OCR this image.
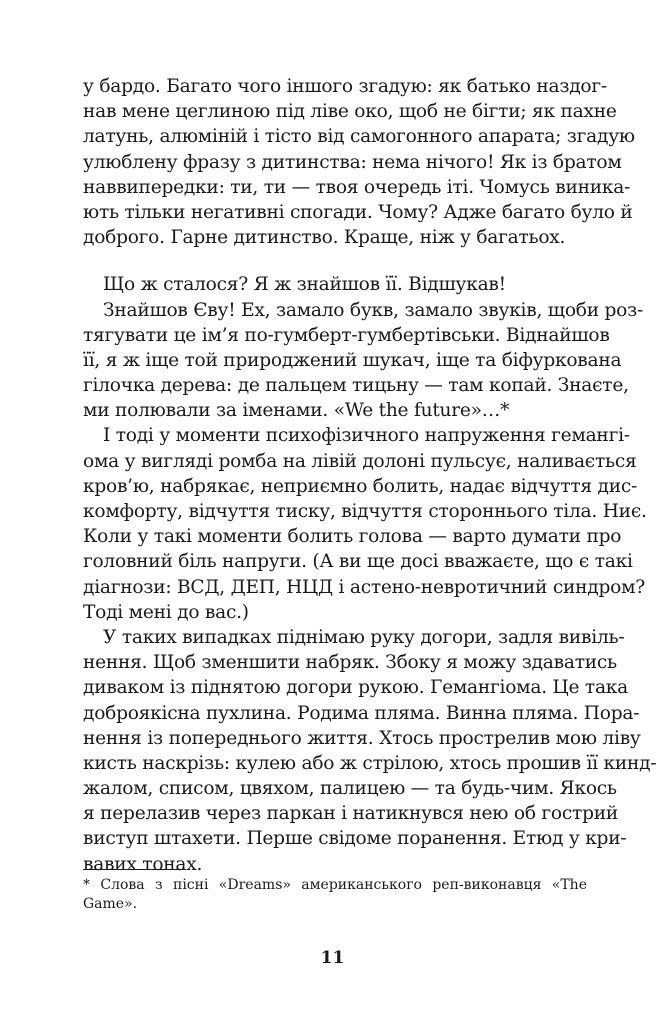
у бардо. Багато чого іншого згадую: як батько наздог-
нав мене цеглиною під ліве око, щоб не бігти; як пахне
латунь, алюміній і тісто від самогонного апарата; згадую
улюблену фразу з дитинства: нема нічого! Як із братом
наввипередки: ти, ти — твоя очередь іті. Чомусь виника-
ють тільки негативні спогади. Чому? Адже багато було й
доброго. Гарне дитинство. Краще, ніж у багатьох.
Що ж сталося? Я ж знайшов її. Відшукав!
Знайшов Єву! Ех, замало букв, замало звуків, щоби роз-
тягувати це ім’я по-гумберт-гумбертівськи. Віднайшов
її, я ж іще той природжений шукач, іще та біфуркована
гілочка дерева: де пальцем тицьну — там копай. Знаєте,
ми полювали за іменами. «We the future»…*
І тоді у моменти психофізичного напруження гемангі-
ома у вигляді ромба на лівій долоні пульсує, наливається
кров’ю, набрякає, неприємно болить, надає відчуття дис-
комфорту, відчуття тиску, відчуття стороннього тіла. Ниє.
Коли у такі моменти болить голова — варто думати про
головний біль напруги. (А ви ще досі вважаєте, що є такі
діагнози: ВСД, ДЕП, НЦД і астено-невротичний синдром?
Тоді мені до вас.)
У таких випадках піднімаю руку догори, задля вивіль-
нення. Щоб зменшити набряк. Збоку я можу здаватись
диваком із піднятою догори рукою. Гемангіома. Це така
доброякісна пухлина. Родима пляма. Винна пляма. Пора-
нення із попереднього життя. Хтось прострелив мою ліву
кисть наскрізь: кулею або ж стрілою, хтось прошив її кинд-
жалом, списом, цвяхом, палицею — та будь-чим. Якось
я перелазив через паркан і натикнувся нею об гострий
виступ штахети. Перше свідоме поранення. Етюд у кри-
вавих тонах.
* Слова з пісні «Dreams» американського реп-виконавця «The
Game».
11
